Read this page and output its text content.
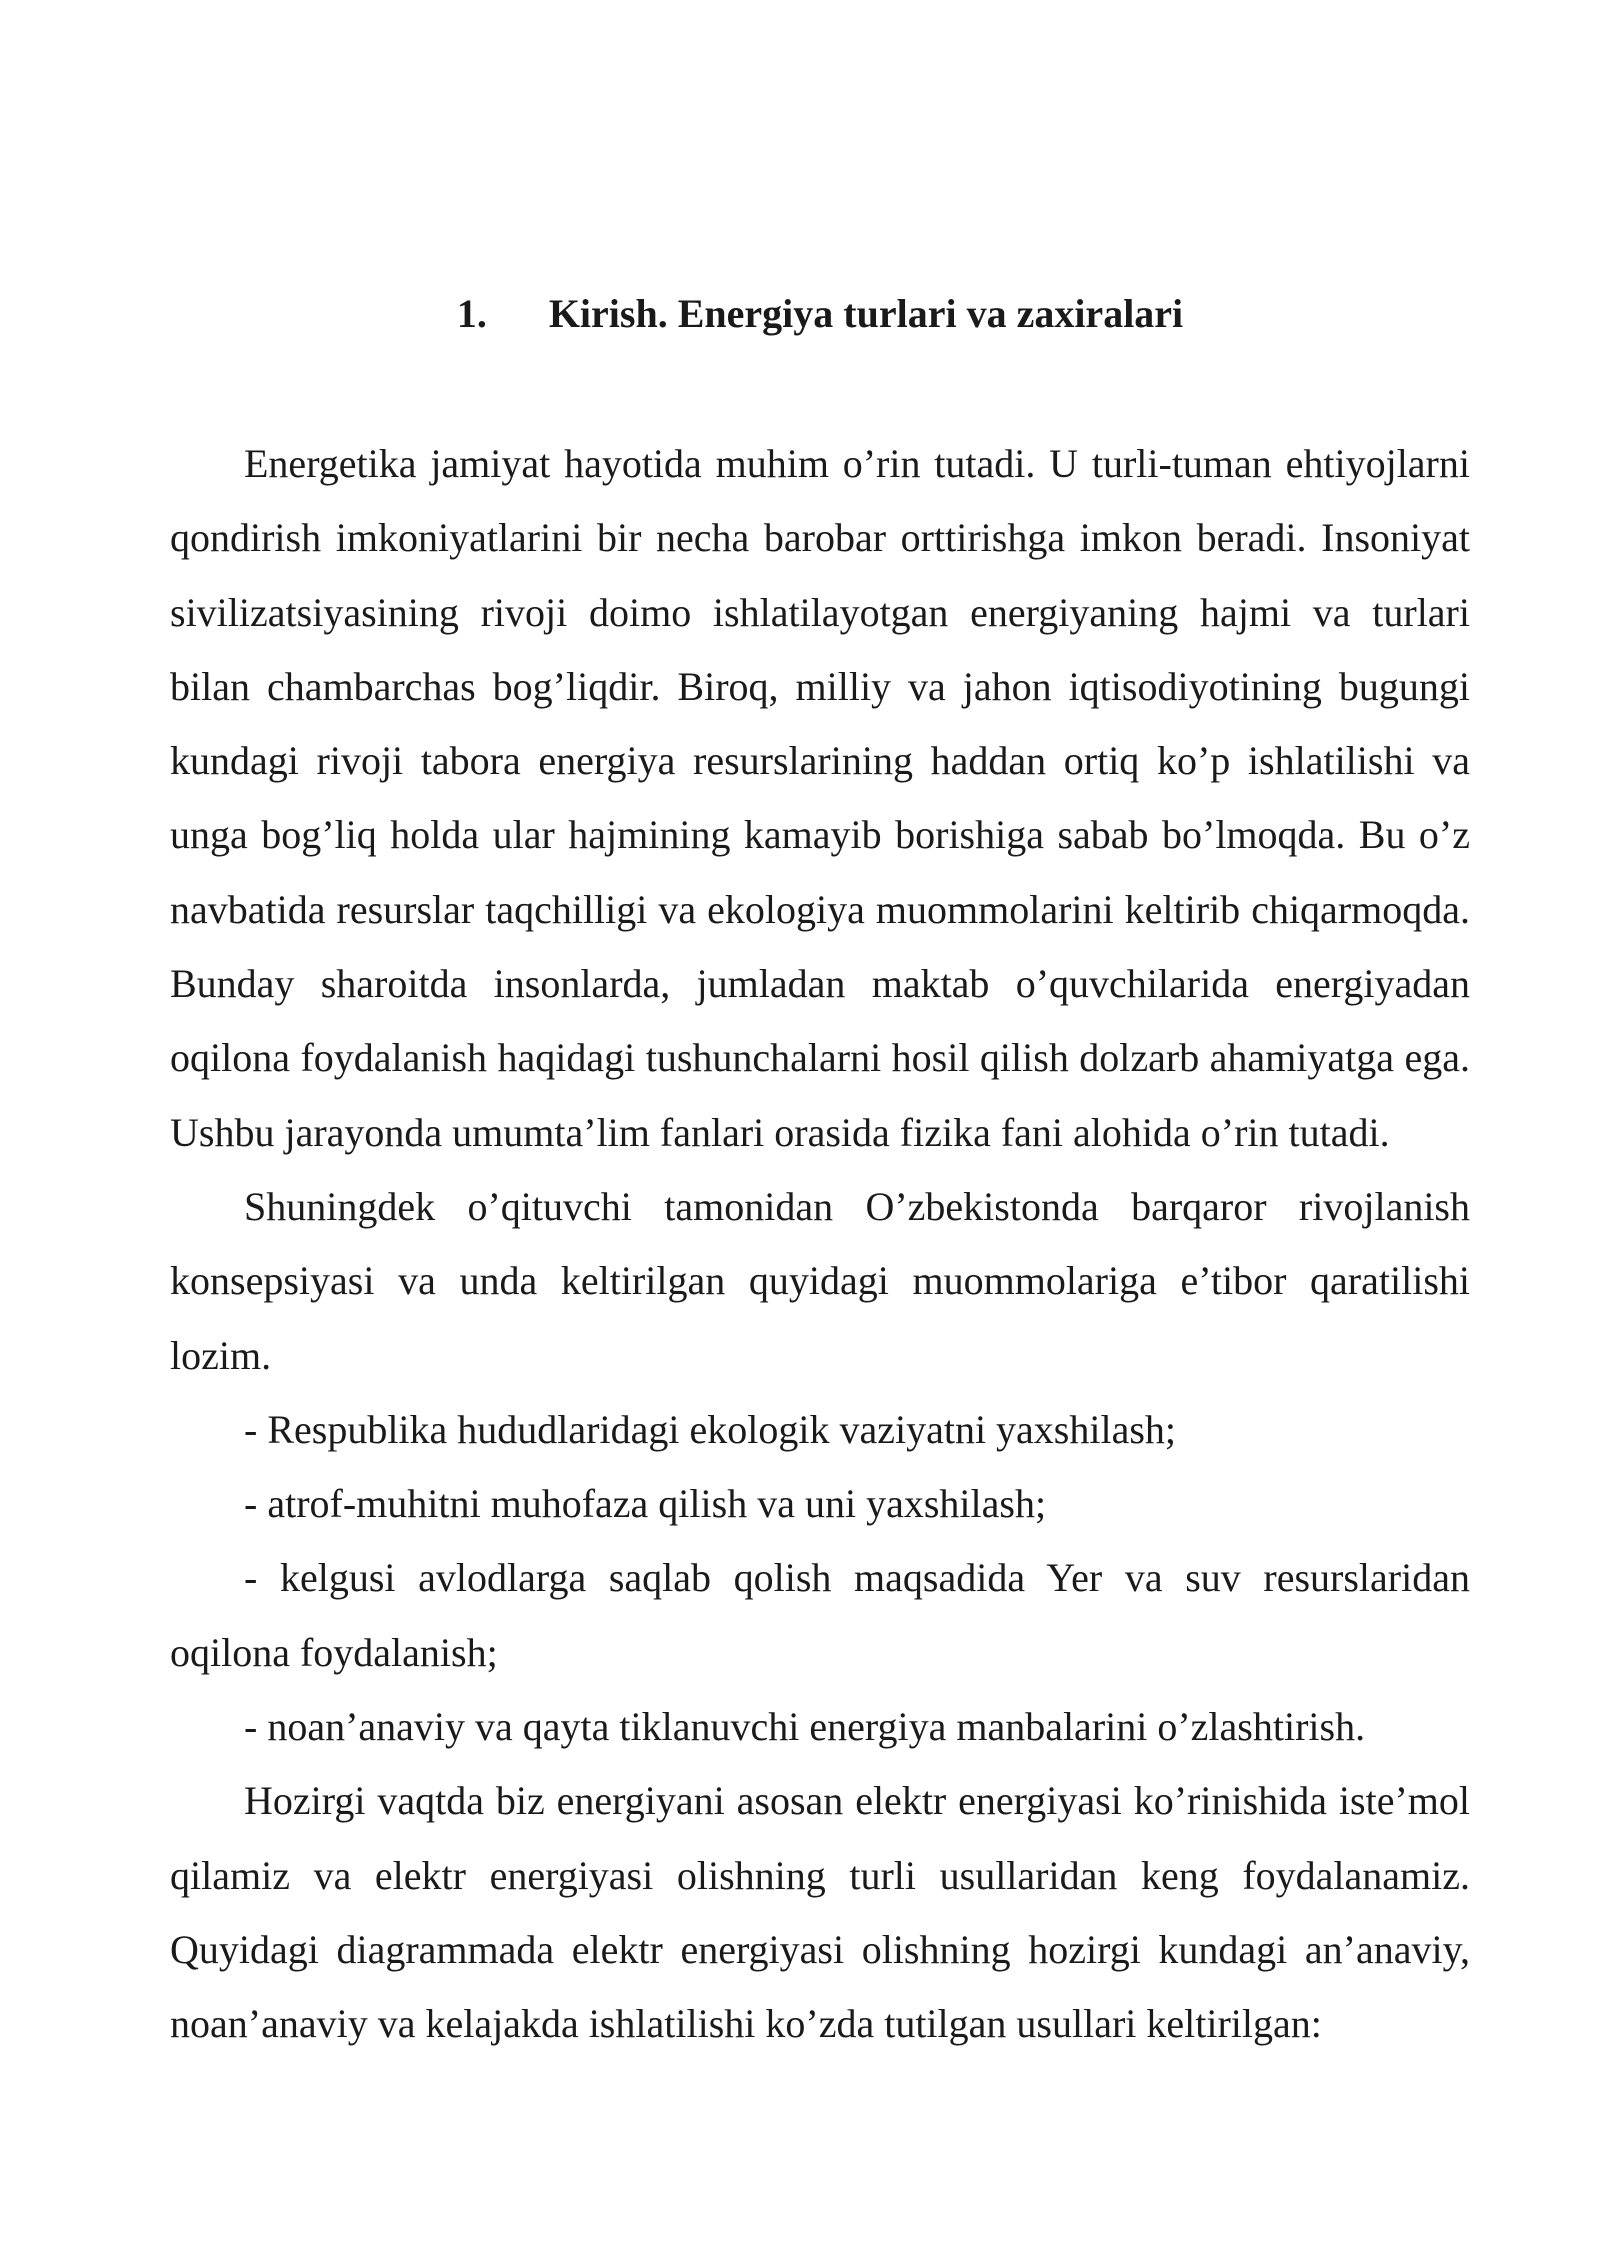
1. Kirish. Energiya turlari va zaxiralari

Energetika jamiyat hayotida muhim o’rin tutadi. U turli-tuman ehtiyojlarni qondirish imkoniyatlarini bir necha barobar orttirishga imkon beradi. Insoniyat sivilizatsiyasining rivoji doimo ishlatilayotgan energiyaning hajmi va turlari bilan chambarchas bog’liqdir. Biroq, milliy va jahon iqtisodiyotining bugungi kundagi rivoji tabora energiya resurslarining haddan ortiq ko’p ishlatilishi va unga bog’liq holda ular hajmining kamayib borishiga sabab bo’lmoqda. Bu o’z navbatida resurslar taqchilligi va ekologiya muommolarini keltirib chiqarmoqda. Bunday sharoitda insonlarda, jumladan maktab o’quvchilarida energiyadan oqilona foydalanish haqidagi tushunchalarni hosil qilish dolzarb ahamiyatga ega. Ushbu jarayonda umumta’lim fanlari orasida fizika fani alohida o’rin tutadi.

Shuningdek o’qituvchi tamonidan O’zbekistonda barqaror rivojlanish konsepsiyasi va unda keltirilgan quyidagi muommolariga e’tibor qaratilishi lozim.

- Respublika hududlaridagi ekologik vaziyatni yaxshilash;

- atrof-muhitni muhofaza qilish va uni yaxshilash;

- kelgusi avlodlarga saqlab qolish maqsadida Yer va suv resurslaridan oqilona foydalanish;

- noan’anaviy va qayta tiklanuvchi energiya manbalarini o’zlashtirish.

Hozirgi vaqtda biz energiyani asosan elektr energiyasi ko’rinishida iste’mol qilamiz va elektr energiyasi olishning turli usullaridan keng foydalanamiz. Quyidagi diagrammada elektr energiyasi olishning hozirgi kundagi an’anaviy, noan’anaviy va kelajakda ishlatilishi ko’zda tutilgan usullari keltirilgan:
